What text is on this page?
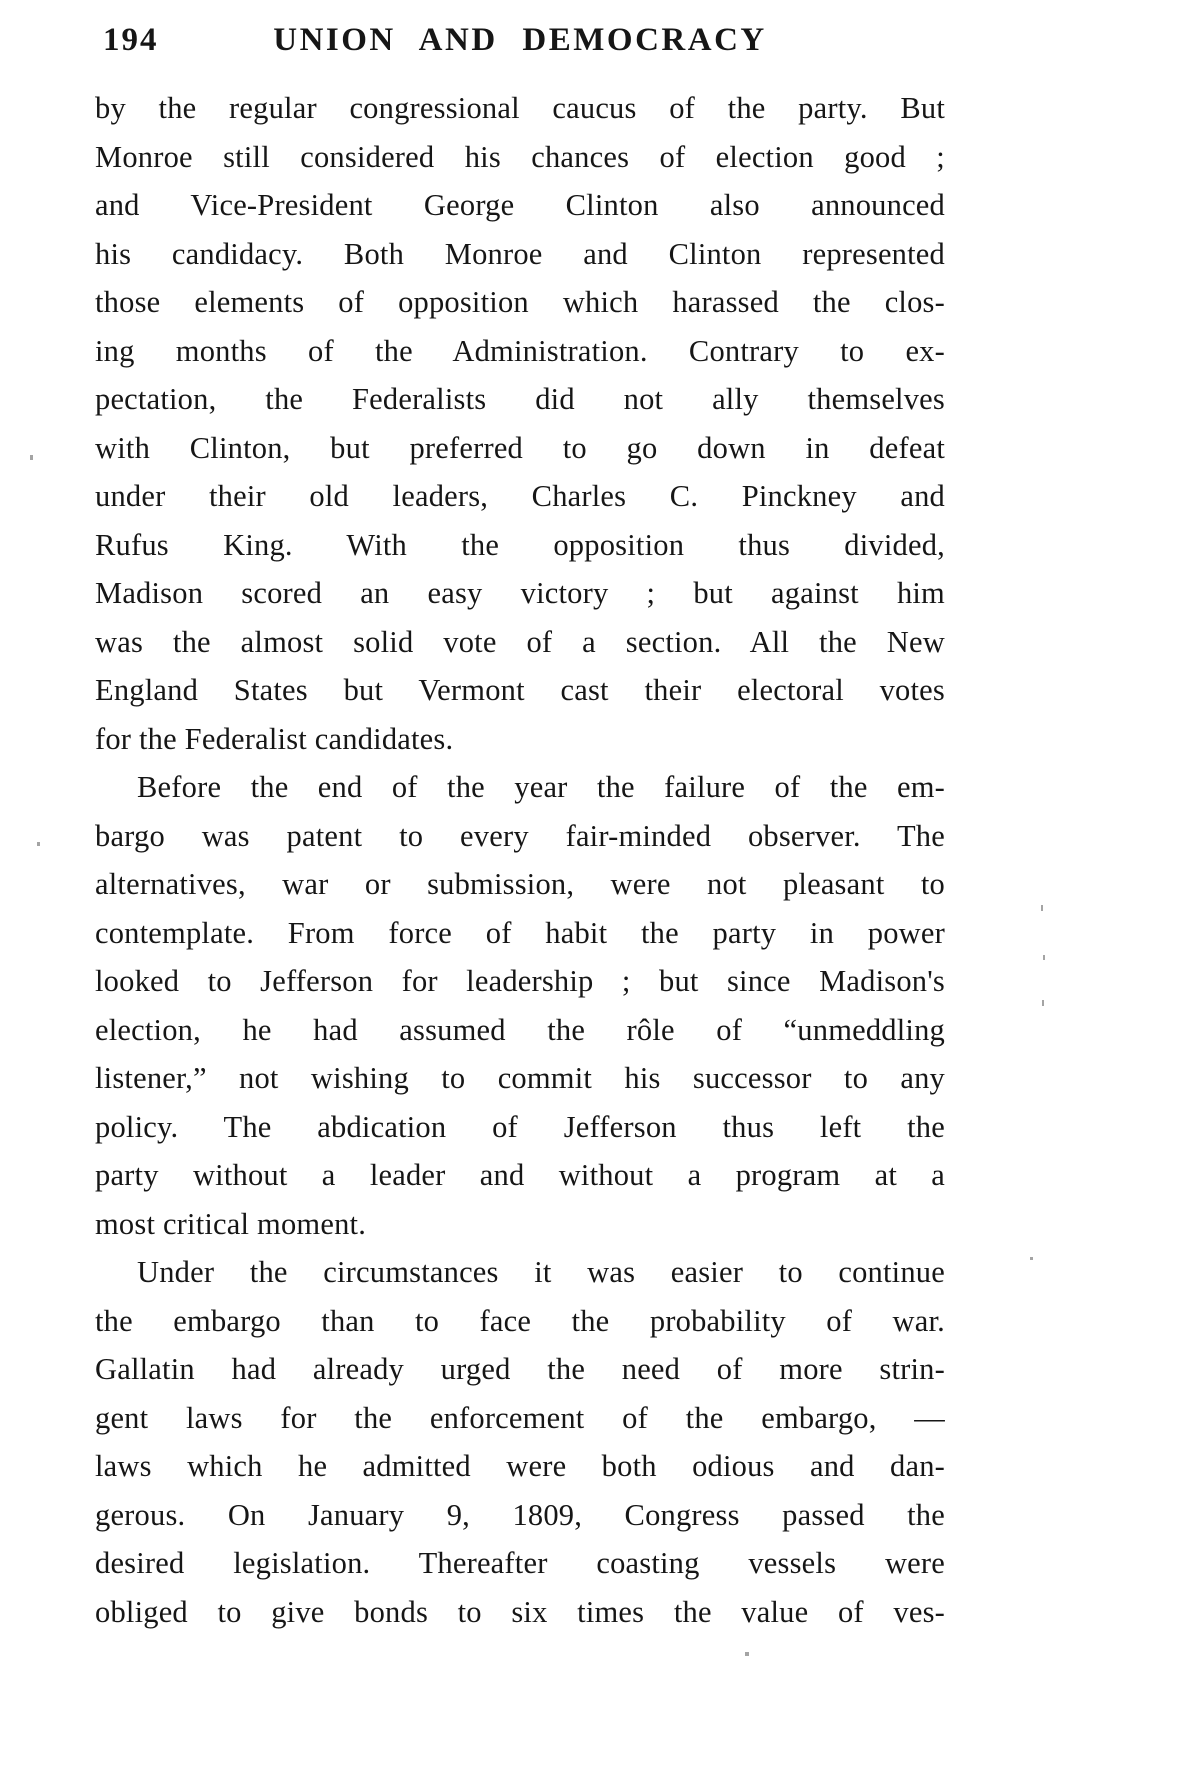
194	UNION AND DEMOCRACY
by the regular congressional caucus of the party. But
Monroe still considered his chances of election good ;
and Vice-President George Clinton also announced
his candidacy. Both Monroe and Clinton represented
those elements of opposition which harassed the clos-
ing months of the Administration. Contrary to ex-
pectation, the Federalists did not ally themselves
with Clinton, but preferred to go down in defeat
under their old leaders, Charles C. Pinckney and
Rufus King. With the opposition thus divided,
Madison scored an easy victory ; but against him
was the almost solid vote of a section. All the New
England States but Vermont cast their electoral votes
for the Federalist candidates.
Before the end of the year the failure of the em-
bargo was patent to every fair-minded observer. The
alternatives, war or submission, were not pleasant to
contemplate. From force of habit the party in power
looked to Jefferson for leadership ; but since Madison's
election, he had assumed the rôle of “unmeddling
listener,” not wishing to commit his successor to any
policy. The abdication of Jefferson thus left the
party without a leader and without a program at a
most critical moment.
Under the circumstances it was easier to continue
the embargo than to face the probability of war.
Gallatin had already urged the need of more strin-
gent laws for the enforcement of the embargo, —
laws which he admitted were both odious and dan-
gerous. On January 9, 1809, Congress passed the
desired legislation. Thereafter coasting vessels were
obliged to give bonds to six times the value of ves-
